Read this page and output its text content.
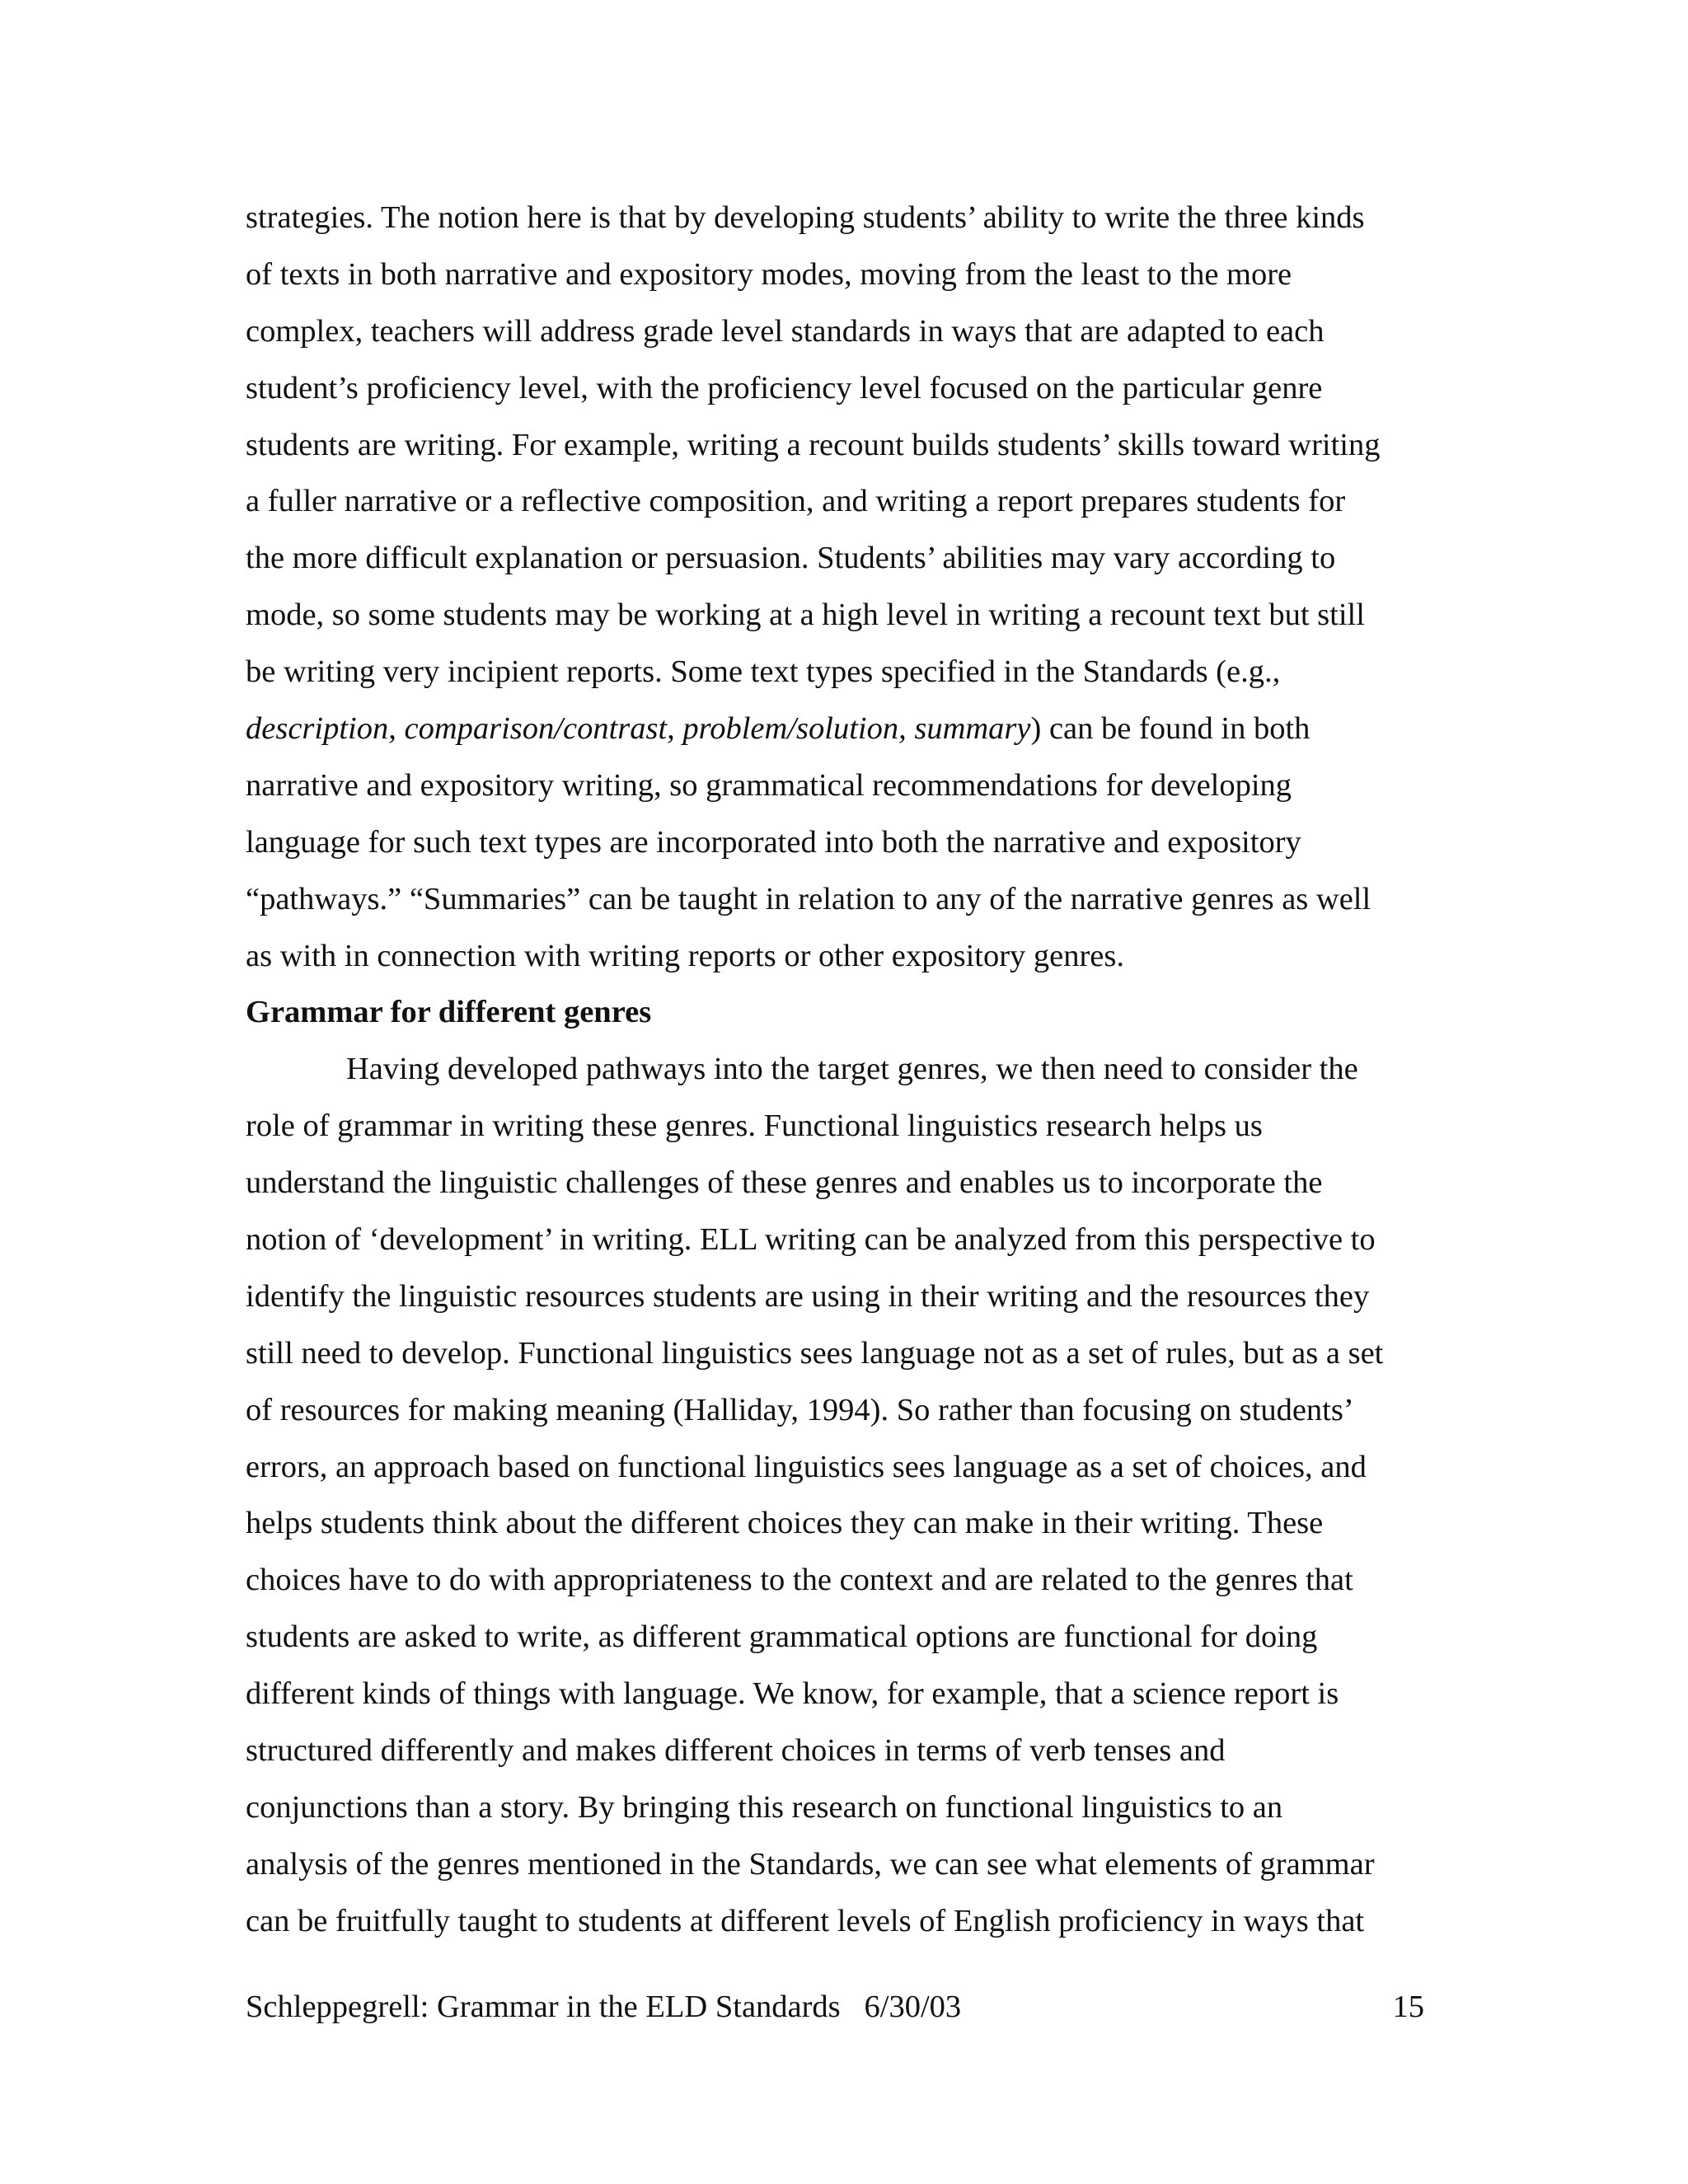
strategies. The notion here is that by developing students’ ability to write the three kinds
of texts in both narrative and expository modes, moving from the least to the more
complex, teachers will address grade level standards in ways that are adapted to each
student’s proficiency level, with the proficiency level focused on the particular genre
students are writing. For example, writing a recount builds students’ skills toward writing
a fuller narrative or a reflective composition, and writing a report prepares students for
the more difficult explanation or persuasion. Students’ abilities may vary according to
mode, so some students may be working at a high level in writing a recount text but still
be writing very incipient reports. Some text types specified in the Standards (e.g.,
description, comparison/contrast, problem/solution, summary) can be found in both
narrative and expository writing, so grammatical recommendations for developing
language for such text types are incorporated into both the narrative and expository
“pathways.” “Summaries” can be taught in relation to any of the narrative genres as well
as with in connection with writing reports or other expository genres.
Grammar for different genres
Having developed pathways into the target genres, we then need to consider the
role of grammar in writing these genres. Functional linguistics research helps us
understand the linguistic challenges of these genres and enables us to incorporate the
notion of ‘development’ in writing. ELL writing can be analyzed from this perspective to
identify the linguistic resources students are using in their writing and the resources they
still need to develop. Functional linguistics sees language not as a set of rules, but as a set
of resources for making meaning (Halliday, 1994). So rather than focusing on students’
errors, an approach based on functional linguistics sees language as a set of choices, and
helps students think about the different choices they can make in their writing. These
choices have to do with appropriateness to the context and are related to the genres that
students are asked to write, as different grammatical options are functional for doing
different kinds of things with language. We know, for example, that a science report is
structured differently and makes different choices in terms of verb tenses and
conjunctions than a story. By bringing this research on functional linguistics to an
analysis of the genres mentioned in the Standards, we can see what elements of grammar
can be fruitfully taught to students at different levels of English proficiency in ways that
Schleppegrell: Grammar in the ELD Standards   6/30/03	15
